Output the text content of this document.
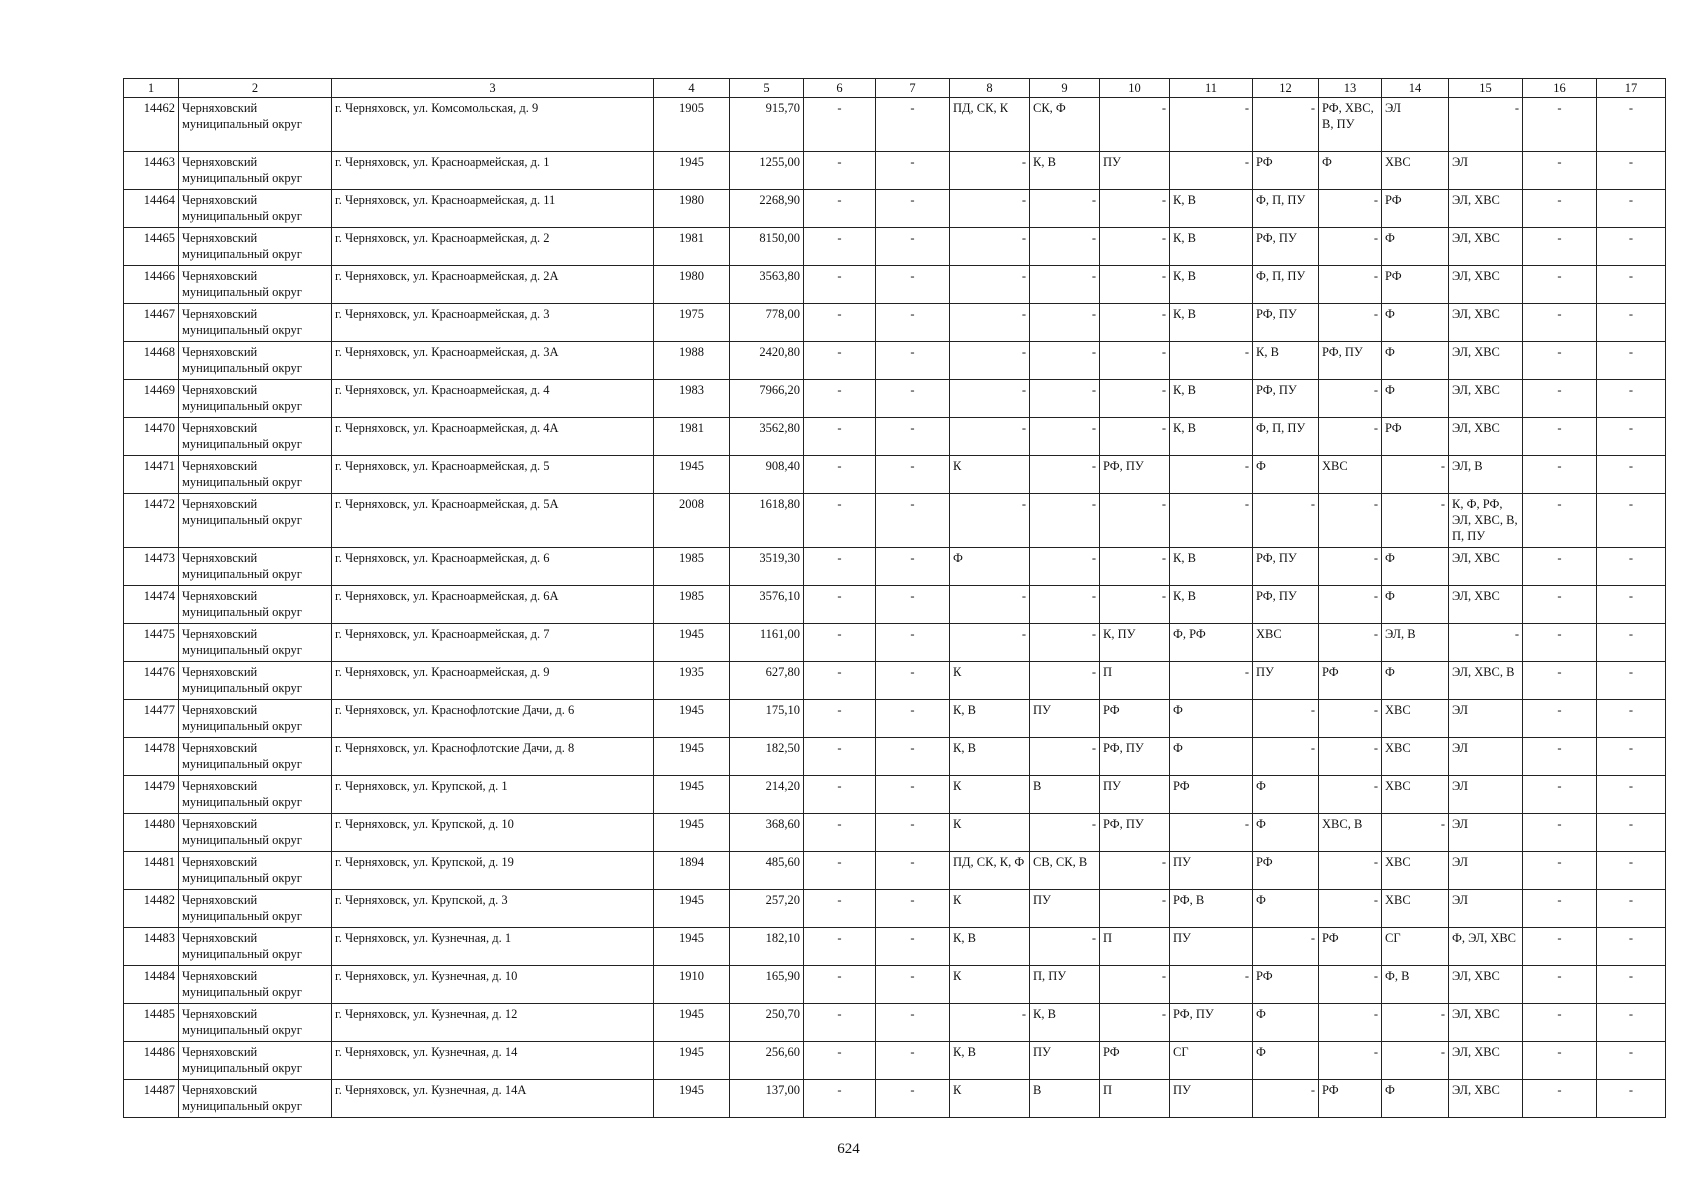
1	2	3	4	5	6	7	8	9	10	11	12	13	14	15	16	17
14462	Черняховский муниципальный округ	г. Черняховск, ул. Комсомольская, д. 9	1905	915,70	-	-	ПД, СК, К	СК, Ф	-	-	-	РФ, ХВС, В, ПУ	ЭЛ	-	-	-
14463	Черняховский муниципальный округ	г. Черняховск, ул. Красноармейская, д. 1	1945	1255,00	-	-	-	К, В	ПУ	-	РФ	Ф	ХВС	ЭЛ	-	-
14464	Черняховский муниципальный округ	г. Черняховск, ул. Красноармейская, д. 11	1980	2268,90	-	-	-	-	-	К, В	Ф, П, ПУ	-	РФ	ЭЛ, ХВС	-	-
14465	Черняховский муниципальный округ	г. Черняховск, ул. Красноармейская, д. 2	1981	8150,00	-	-	-	-	-	К, В	РФ, ПУ	-	Ф	ЭЛ, ХВС	-	-
14466	Черняховский муниципальный округ	г. Черняховск, ул. Красноармейская, д. 2А	1980	3563,80	-	-	-	-	-	К, В	Ф, П, ПУ	-	РФ	ЭЛ, ХВС	-	-
14467	Черняховский муниципальный округ	г. Черняховск, ул. Красноармейская, д. 3	1975	778,00	-	-	-	-	-	К, В	РФ, ПУ	-	Ф	ЭЛ, ХВС	-	-
14468	Черняховский муниципальный округ	г. Черняховск, ул. Красноармейская, д. 3А	1988	2420,80	-	-	-	-	-	-	К, В	РФ, ПУ	Ф	ЭЛ, ХВС	-	-
14469	Черняховский муниципальный округ	г. Черняховск, ул. Красноармейская, д. 4	1983	7966,20	-	-	-	-	-	К, В	РФ, ПУ	-	Ф	ЭЛ, ХВС	-	-
14470	Черняховский муниципальный округ	г. Черняховск, ул. Красноармейская, д. 4А	1981	3562,80	-	-	-	-	-	К, В	Ф, П, ПУ	-	РФ	ЭЛ, ХВС	-	-
14471	Черняховский муниципальный округ	г. Черняховск, ул. Красноармейская, д. 5	1945	908,40	-	-	К	-	РФ, ПУ	-	Ф	ХВС	-	ЭЛ, В	-	-
14472	Черняховский муниципальный округ	г. Черняховск, ул. Красноармейская, д. 5А	2008	1618,80	-	-	-	-	-	-	-	-	-	К, Ф, РФ, ЭЛ, ХВС, В, П, ПУ	-	-
14473	Черняховский муниципальный округ	г. Черняховск, ул. Красноармейская, д. 6	1985	3519,30	-	-	Ф	-	-	К, В	РФ, ПУ	-	Ф	ЭЛ, ХВС	-	-
14474	Черняховский муниципальный округ	г. Черняховск, ул. Красноармейская, д. 6А	1985	3576,10	-	-	-	-	-	К, В	РФ, ПУ	-	Ф	ЭЛ, ХВС	-	-
14475	Черняховский муниципальный округ	г. Черняховск, ул. Красноармейская, д. 7	1945	1161,00	-	-	-	-	К, ПУ	Ф, РФ	ХВС	-	ЭЛ, В	-	-	-
14476	Черняховский муниципальный округ	г. Черняховск, ул. Красноармейская, д. 9	1935	627,80	-	-	К	-	П	-	ПУ	РФ	Ф	ЭЛ, ХВС, В	-	-
14477	Черняховский муниципальный округ	г. Черняховск, ул. Краснофлотские Дачи, д. 6	1945	175,10	-	-	К, В	ПУ	РФ	Ф	-	-	ХВС	ЭЛ	-	-
14478	Черняховский муниципальный округ	г. Черняховск, ул. Краснофлотские Дачи, д. 8	1945	182,50	-	-	К, В	-	РФ, ПУ	Ф	-	-	ХВС	ЭЛ	-	-
14479	Черняховский муниципальный округ	г. Черняховск, ул. Крупской, д. 1	1945	214,20	-	-	К	В	ПУ	РФ	Ф	-	ХВС	ЭЛ	-	-
14480	Черняховский муниципальный округ	г. Черняховск, ул. Крупской, д. 10	1945	368,60	-	-	К	-	РФ, ПУ	-	Ф	ХВС, В	-	ЭЛ	-	-
14481	Черняховский муниципальный округ	г. Черняховск, ул. Крупской, д. 19	1894	485,60	-	-	ПД, СК, К, Ф	СВ, СК, В	-	ПУ	РФ	-	ХВС	ЭЛ	-	-
14482	Черняховский муниципальный округ	г. Черняховск, ул. Крупской, д. 3	1945	257,20	-	-	К	ПУ	-	РФ, В	Ф	-	ХВС	ЭЛ	-	-
14483	Черняховский муниципальный округ	г. Черняховск, ул. Кузнечная, д. 1	1945	182,10	-	-	К, В	-	П	ПУ	-	РФ	СГ	Ф, ЭЛ, ХВС	-	-
14484	Черняховский муниципальный округ	г. Черняховск, ул. Кузнечная, д. 10	1910	165,90	-	-	К	П, ПУ	-	-	РФ	-	Ф, В	ЭЛ, ХВС	-	-
14485	Черняховский муниципальный округ	г. Черняховск, ул. Кузнечная, д. 12	1945	250,70	-	-	-	К, В	-	РФ, ПУ	Ф	-	-	ЭЛ, ХВС	-	-
14486	Черняховский муниципальный округ	г. Черняховск, ул. Кузнечная, д. 14	1945	256,60	-	-	К, В	ПУ	РФ	СГ	Ф	-	-	ЭЛ, ХВС	-	-
14487	Черняховский муниципальный округ	г. Черняховск, ул. Кузнечная, д. 14А	1945	137,00	-	-	К	В	П	ПУ	-	РФ	Ф	ЭЛ, ХВС	-	-
624
